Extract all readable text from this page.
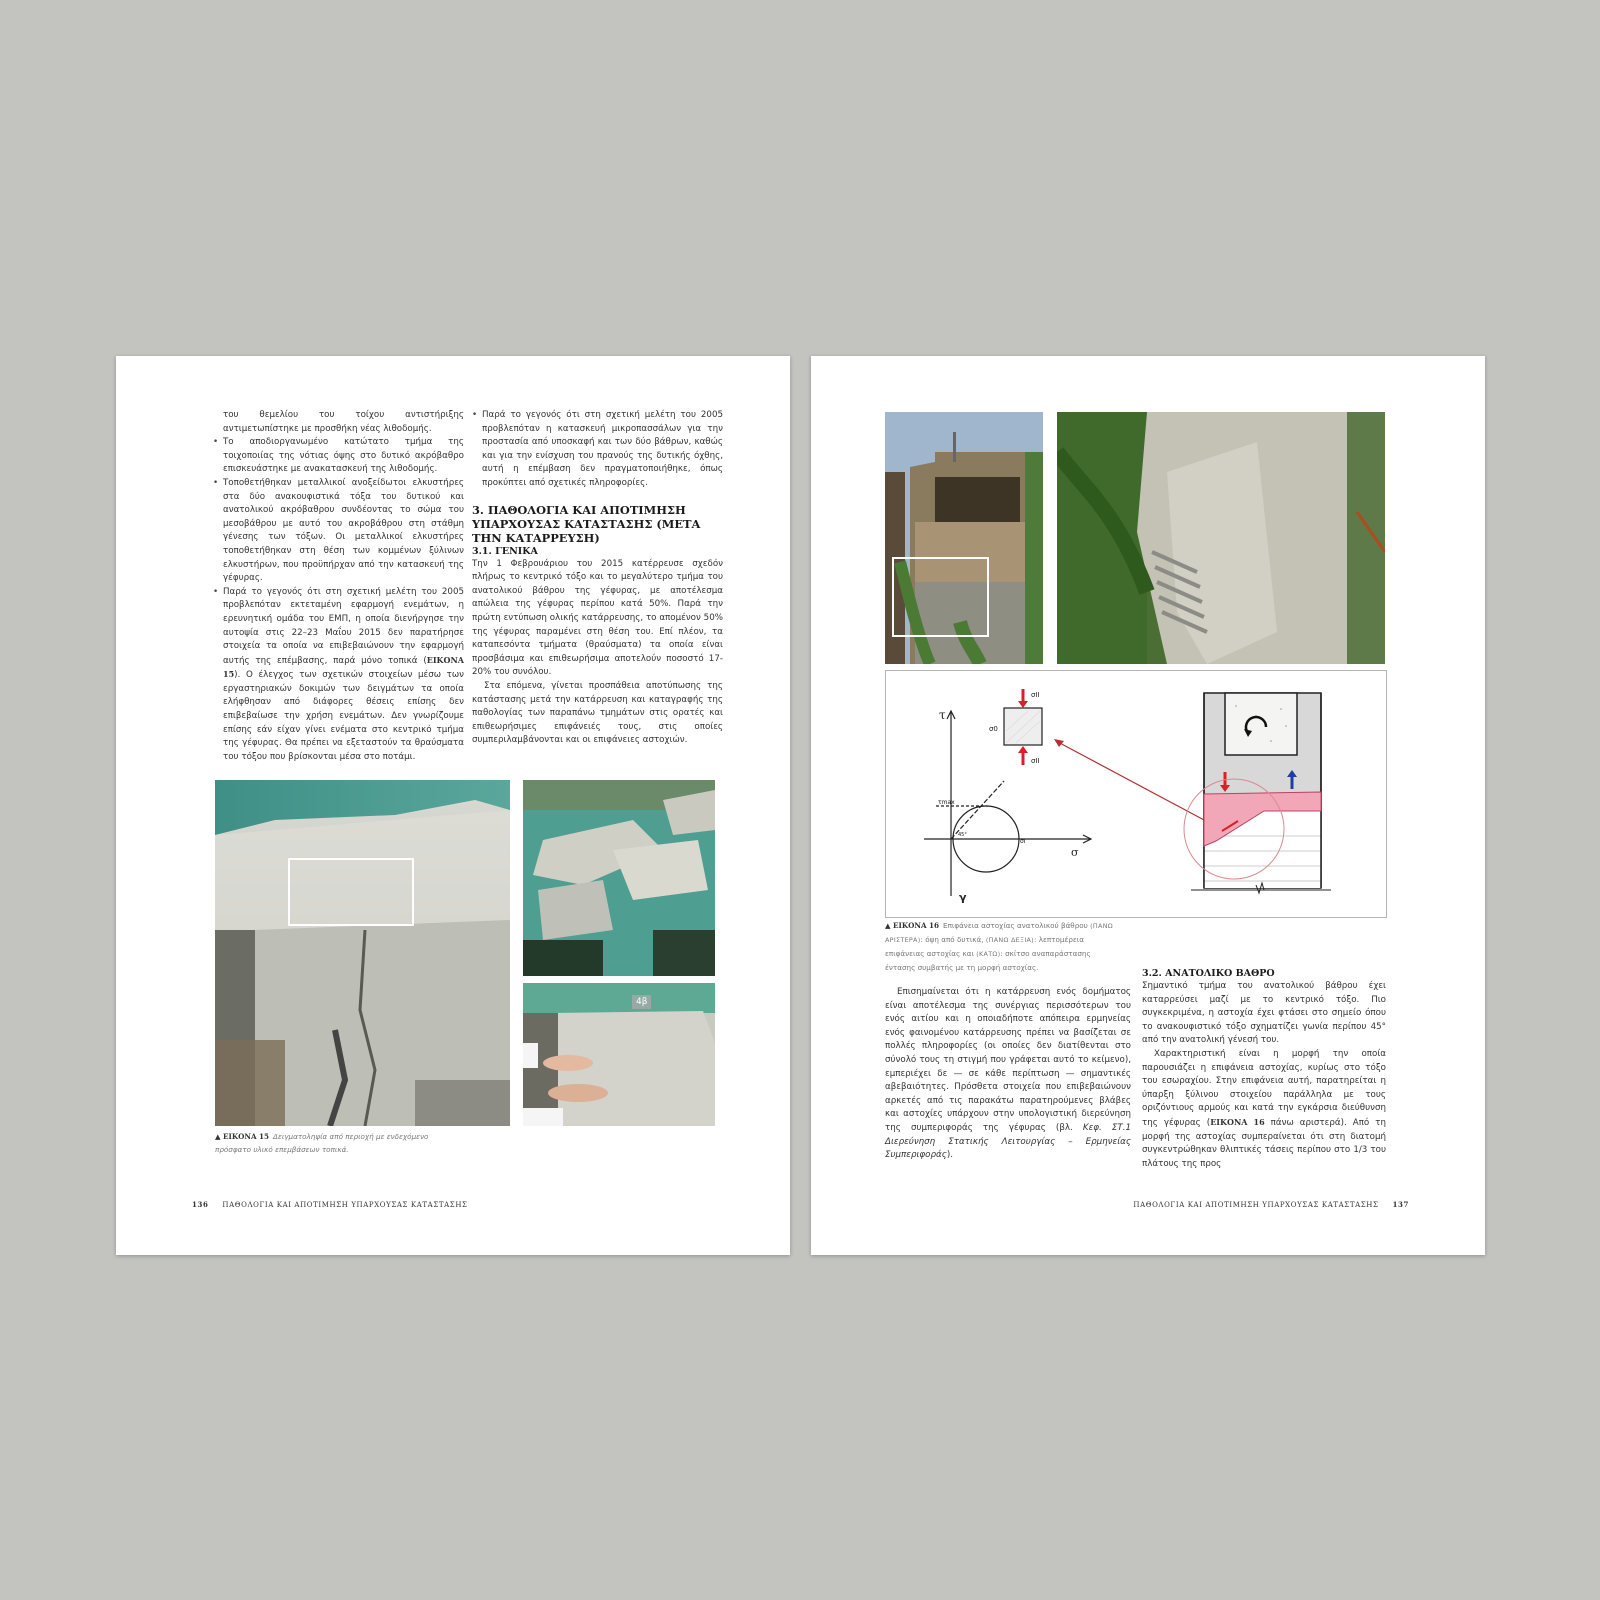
του θεμελίου του τοίχου αντιστήριξης αντιμετωπίστηκε με προσθήκη νέας λιθοδομής.
• Το αποδιοργανωμένο κατώτατο τμήμα της τοιχοποιίας της νότιας όψης στο δυτικό ακρόβαθρο επισκευάστηκε με ανακατασκευή της λιθοδομής.
• Τοποθετήθηκαν μεταλλικοί ανοξείδωτοι ελκυστήρες στα δύο ανακουφιστικά τόξα του δυτικού και ανατολικού ακρόβαθρου συνδέοντας το σώμα του μεσοβάθρου με αυτό του ακροβάθρου στη στάθμη γένεσης των τόξων. Οι μεταλλικοί ελκυστήρες τοποθετήθηκαν στη θέση των κομμένων ξύλινων ελκυστήρων, που προϋπήρχαν από την κατασκευή της γέφυρας.
• Παρά το γεγονός ότι στη σχετική μελέτη του 2005 προβλεπόταν εκτεταμένη εφαρμογή ενεμάτων, η ερευνητική ομάδα του ΕΜΠ, η οποία διενήργησε την αυτοψία στις 22–23 Μαΐου 2015 δεν παρατήρησε στοιχεία τα οποία να επιβεβαιώνουν την εφαρμογή αυτής της επέμβασης, παρά μόνο τοπικά (ΕΙΚΟΝΑ 15). Ο έλεγχος των σχετικών στοιχείων μέσω των εργαστηριακών δοκιμών των δειγμάτων τα οποία ελήφθησαν από διάφορες θέσεις επίσης δεν επιβεβαίωσε την χρήση ενεμάτων. Δεν γνωρίζουμε επίσης εάν είχαν γίνει ενέματα στο κεντρικό τμήμα της γέφυρας. Θα πρέπει να εξεταστούν τα θραύσματα του τόξου που βρίσκονται μέσα στο ποτάμι.
• Παρά το γεγονός ότι στη σχετική μελέτη του 2005 προβλεπόταν η κατασκευή μικροπασσάλων για την προστασία από υποσκαφή και των δύο βάθρων, καθώς και για την ενίσχυση του πρανούς της δυτικής όχθης, αυτή η επέμβαση δεν πραγματοποιήθηκε, όπως προκύπτει από σχετικές πληροφορίες.
3. ΠΑΘΟΛΟΓΙΑ ΚΑΙ ΑΠΟΤΙΜΗΣΗ ΥΠΑΡΧΟΥΣΑΣ ΚΑΤΑΣΤΑΣΗΣ (ΜΕΤΑ ΤΗΝ ΚΑΤΑΡΡΕΥΣΗ)
3.1. ΓΕΝΙΚΑ

Την 1 Φεβρουάριου του 2015 κατέρρευσε σχεδόν πλήρως το κεντρικό τόξο και το μεγαλύτερο τμήμα του ανατολικού βάθρου της γέφυρας, με αποτέλεσμα απώλεια της γέφυρας περίπου κατά 50%. Παρά την πρώτη εντύπωση ολικής κατάρρευσης, το απομένον 50% της γέφυρας παραμένει στη θέση του. Επί πλέον, τα καταπεσόντα τμήματα (θραύσματα) τα οποία είναι προσβάσιμα και επιθεωρήσιμα αποτελούν ποσοστό 17-20% του συνόλου.

Στα επόμενα, γίνεται προσπάθεια αποτύπωσης της κατάστασης μετά την κατάρρευση και καταγραφής της παθολογίας των παραπάνω τμημάτων στις ορατές και επιθεωρήσιμες επιφάνειές τους, στις οποίες συμπεριλαμβάνονται και οι επιφάνειες αστοχιών.

4β
▲ ΕΙΚΟΝΑ 15 Δειγματοληψία από περιοχή με ενδεχόμενο πρόσφατο υλικό επεμβάσεων τοπικά.
136 ΠΑΘΟΛΟΓΙΑ ΚΑΙ ΑΠΟΤΙΜΗΣΗ ΥΠΑΡΧΟΥΣΑΣ ΚΑΤΑΣΤΑΣΗΣ
τ
γ
σ
τmax
σI
45°
σII
σII
σ0
▲ ΕΙΚΟΝΑ 16 Επιφάνεια αστοχίας ανατολικού βάθρου (ΠΑΝΩ ΑΡΙΣΤΕΡΑ): όψη από δυτικά, (ΠΑΝΩ ΔΕΞΙΑ): λεπτομέρεια επιφάνειας αστοχίας και (ΚΑΤΩ): σκίτσο αναπαράστασης έντασης συμβατής με τη μορφή αστοχίας.

Επισημαίνεται ότι η κατάρρευση ενός δομήματος είναι αποτέλεσμα της συνέργιας περισσότερων του ενός αιτίου και η οποιαδήποτε απόπειρα ερμηνείας ενός φαινομένου κατάρρευσης πρέπει να βασίζεται σε πολλές πληροφορίες (οι οποίες δεν διατίθενται στο σύνολό τους τη στιγμή που γράφεται αυτό το κείμενο), εμπεριέχει δε — σε κάθε περίπτωση — σημαντικές αβεβαιότητες. Πρόσθετα στοιχεία που επιβεβαιώνουν αρκετές από τις παρακάτω παρατηρούμενες βλάβες και αστοχίες υπάρχουν στην υπολογιστική διερεύνηση της συμπεριφοράς της γέφυρας (βλ. Κεφ. ΣΤ.1 Διερεύνηση Στατικής Λειτουργίας – Ερμηνείας Συμπεριφοράς).

3.2. ΑΝΑΤΟΛΙΚΟ ΒΑΘΡΟ

Σημαντικό τμήμα του ανατολικού βάθρου έχει καταρρεύσει μαζί με το κεντρικό τόξο. Πιο συγκεκριμένα, η αστοχία έχει φτάσει στο σημείο όπου το ανακουφιστικό τόξο σχηματίζει γωνία περίπου 45° από την ανατολική γένεσή του.

Χαρακτηριστική είναι η μορφή την οποία παρουσιάζει η επιφάνεια αστοχίας, κυρίως στο τόξο του εσωραχίου. Στην επιφάνεια αυτή, παρατηρείται η ύπαρξη ξύλινου στοιχείου παράλληλα με τους οριζόντιους αρμούς και κατά την εγκάρσια διεύθυνση της γέφυρας (ΕΙΚΟΝΑ 16 πάνω αριστερά). Από τη μορφή της αστοχίας συμπεραίνεται ότι στη διατομή συγκεντρώθηκαν θλιπτικές τάσεις περίπου στο 1/3 του πλάτους της προς

ΠΑΘΟΛΟΓΙΑ ΚΑΙ ΑΠΟΤΙΜΗΣΗ ΥΠΑΡΧΟΥΣΑΣ ΚΑΤΑΣΤΑΣΗΣ 137
